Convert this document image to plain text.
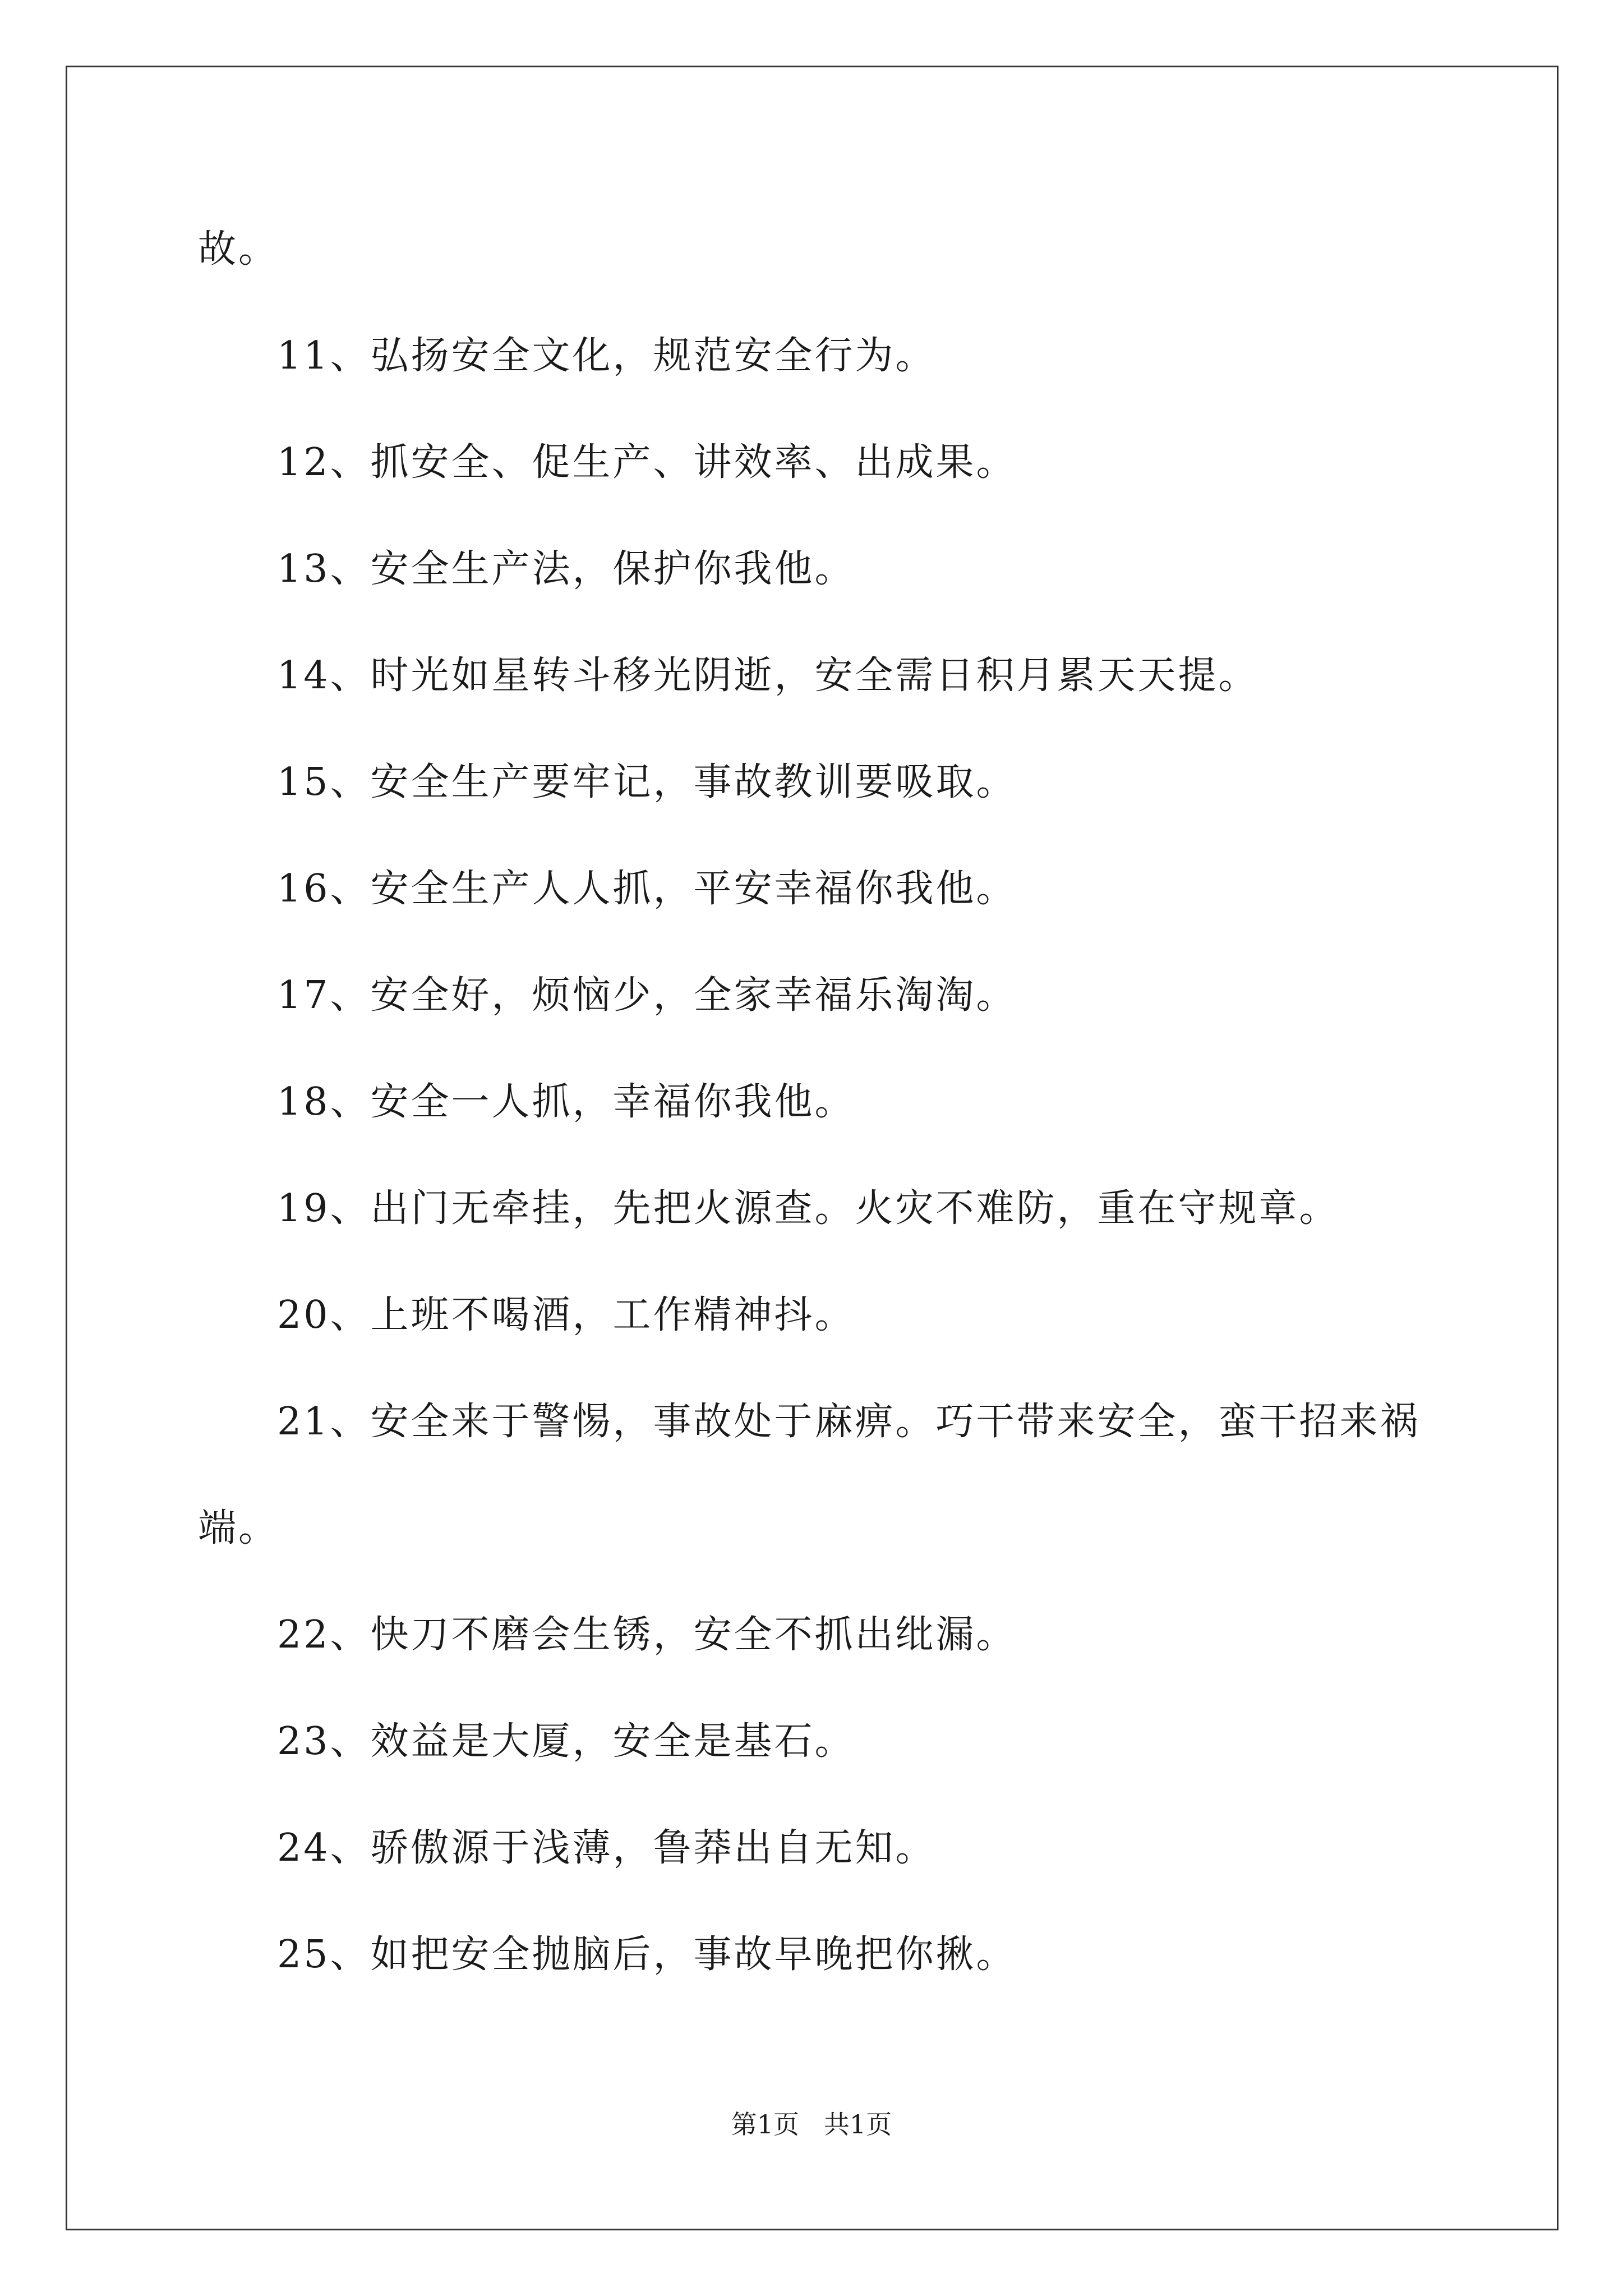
故。
11、弘扬安全文化，规范安全行为。
12、抓安全、促生产、讲效率、出成果。
13、安全生产法，保护你我他。
14、时光如星转斗移光阴逝，安全需日积月累天天提。
15、安全生产要牢记，事故教训要吸取。
16、安全生产人人抓，平安幸福你我他。
17、安全好，烦恼少，全家幸福乐淘淘。
18、安全一人抓，幸福你我他。
19、出门无牵挂，先把火源查。火灾不难防，重在守规章。
20、上班不喝酒，工作精神抖。
21、安全来于警惕，事故处于麻痹。巧干带来安全，蛮干招来祸
端。
22、快刀不磨会生锈，安全不抓出纰漏。
23、效益是大厦，安全是基石。
24、骄傲源于浅薄，鲁莽出自无知。
25、如把安全抛脑后，事故早晚把你揪。
第1页   共1页
